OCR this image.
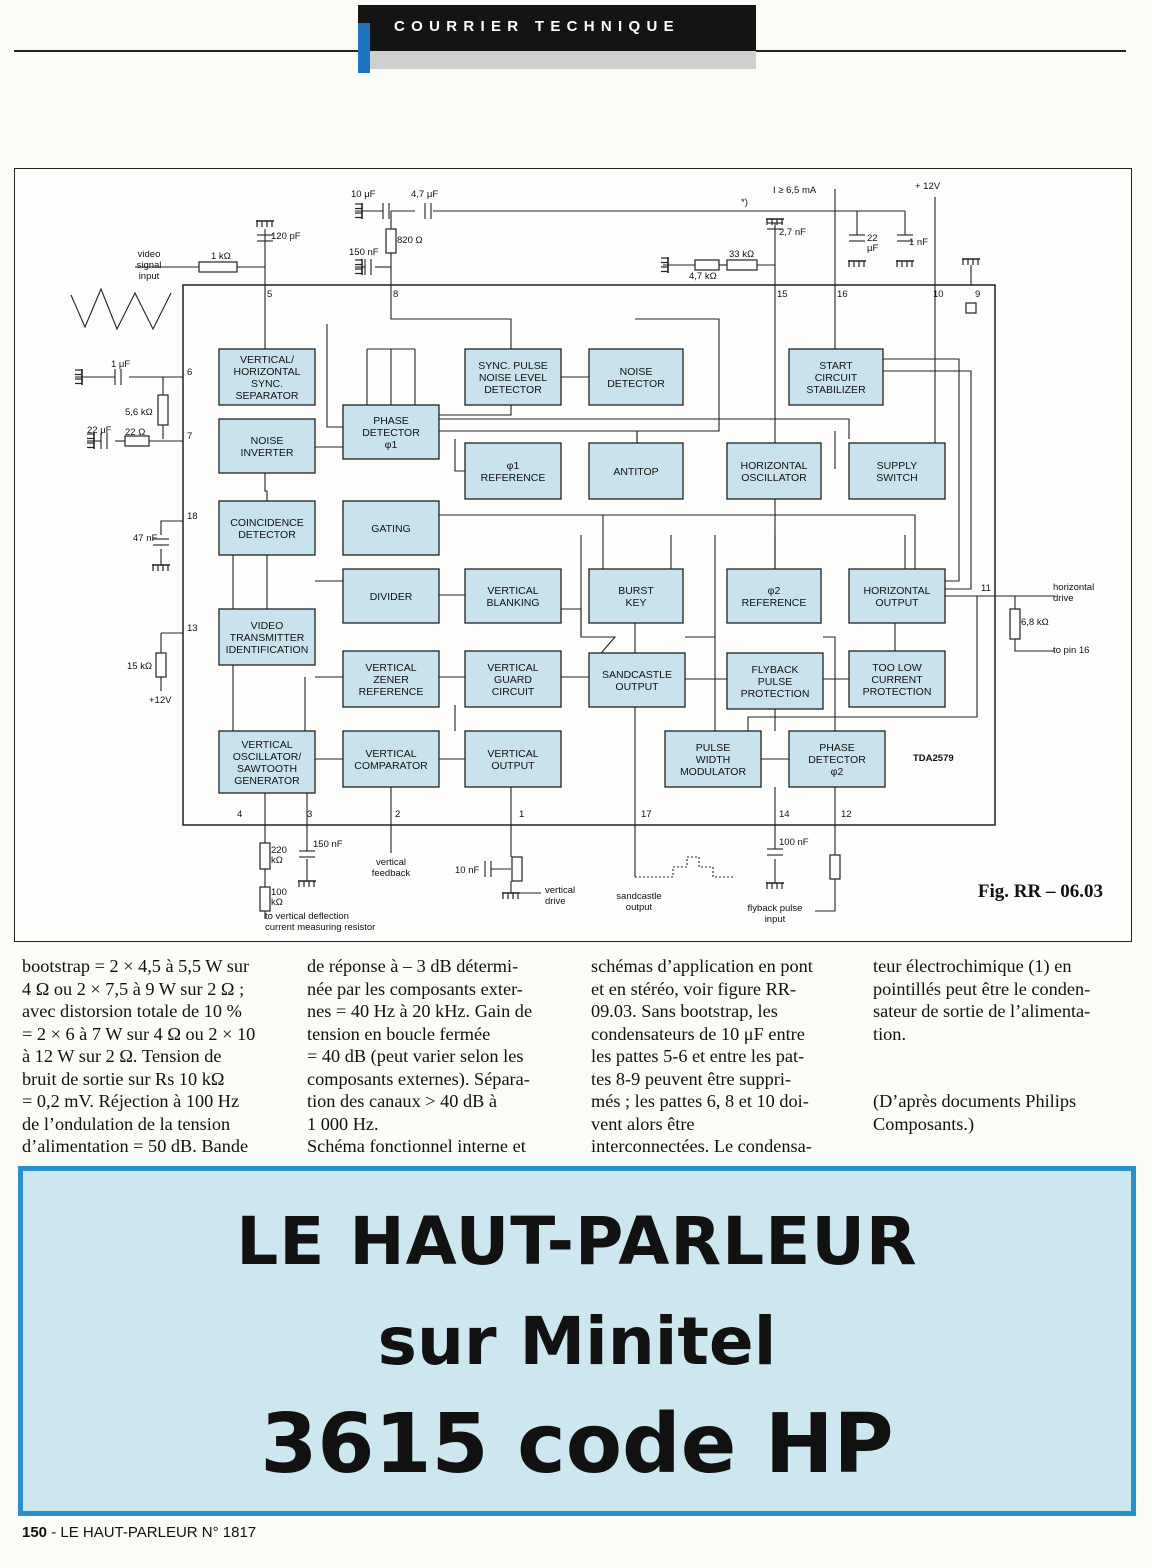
COURRIER TECHNIQUE
VERTICAL/
HORIZONTAL
SYNC.
SEPARATOR
NOISE
INVERTER
PHASE
DETECTOR
φ1
SYNC. PULSE
NOISE LEVEL
DETECTOR
NOISE
DETECTOR
START
CIRCUIT
STABILIZER
φ1
REFERENCE	ANTITOP	HORIZONTAL
OSCILLATOR
SUPPLY
SWITCH
COINCIDENCE
DETECTOR	GATING
DIVIDER	VERTICAL
BLANKING
BURST
KEY
φ2
REFERENCE
HORIZONTAL
OUTPUT
VIDEO
TRANSMITTER
IDENTIFICATION
VERTICAL
ZENER
REFERENCE
VERTICAL
GUARD
CIRCUIT
SANDCASTLE
OUTPUT
FLYBACK
PULSE
PROTECTION
TOO LOW
CURRENT
PROTECTION
PULSE
WIDTH
MODULATOR
PHASE
DETECTOR
φ2
VERTICAL
OSCILLATOR/
SAWTOOTH
GENERATOR
VERTICAL
COMPARATOR
VERTICAL
OUTPUT
video
signal
input
1 kΩ
120 pF
10 μF	4,7 μF
150 nF
820 Ω
I ≥ 6,5 mA
*)
+ 12V
2,7 nF
33 kΩ
4,7 kΩ
22
μF
1 nF
1 μF
5,6 kΩ
22 μF 22 Ω
47 nF
15 kΩ
+12V
horizontal
drive
6,8 kΩ
to pin 16
220
kΩ
100
kΩ
150 nF
vertical
feedback	10 nF
vertical
drive	sandcastle
output
100 nF
flyback pulse
input
to vertical deflection
current measuring resistor
TDA2579
5	8	15	16	10	9
6
7
18
13
11
4	3	2	1	17	14	12
Fig. RR – 06.03

bootstrap = 2 × 4,5 à 5,5 W sur

4 Ω ou 2 × 7,5 à 9 W sur 2 Ω ;

avec distorsion totale de 10 %

= 2 × 6 à 7 W sur 4 Ω ou 2 × 10

à 12 W sur 2 Ω. Tension de

bruit de sortie sur Rs 10 kΩ

= 0,2 mV. Réjection à 100 Hz

de l’ondulation de la tension

d’alimentation = 50 dB. Bande

de réponse à – 3 dB détermi-

née par les composants exter-

nes = 40 Hz à 20 kHz. Gain de

tension en boucle fermée

= 40 dB (peut varier selon les

composants externes). Sépara-

tion des canaux > 40 dB à

1 000 Hz.

Schéma fonctionnel interne et

schémas d’application en pont

et en stéréo, voir figure RR-

09.03. Sans bootstrap, les

condensateurs de 10 μF entre

les pattes 5-6 et entre les pat-

tes 8-9 peuvent être suppri-

més ; les pattes 6, 8 et 10 doi-

vent alors être

interconnectées. Le condensa-

teur électrochimique (1) en

pointillés peut être le conden-

sateur de sortie de l’alimenta-

tion.

(D’après documents Philips

Composants.)

LE HAUT-PARLEUR
sur Minitel
3615 code HP
150 - LE HAUT-PARLEUR N° 1817
